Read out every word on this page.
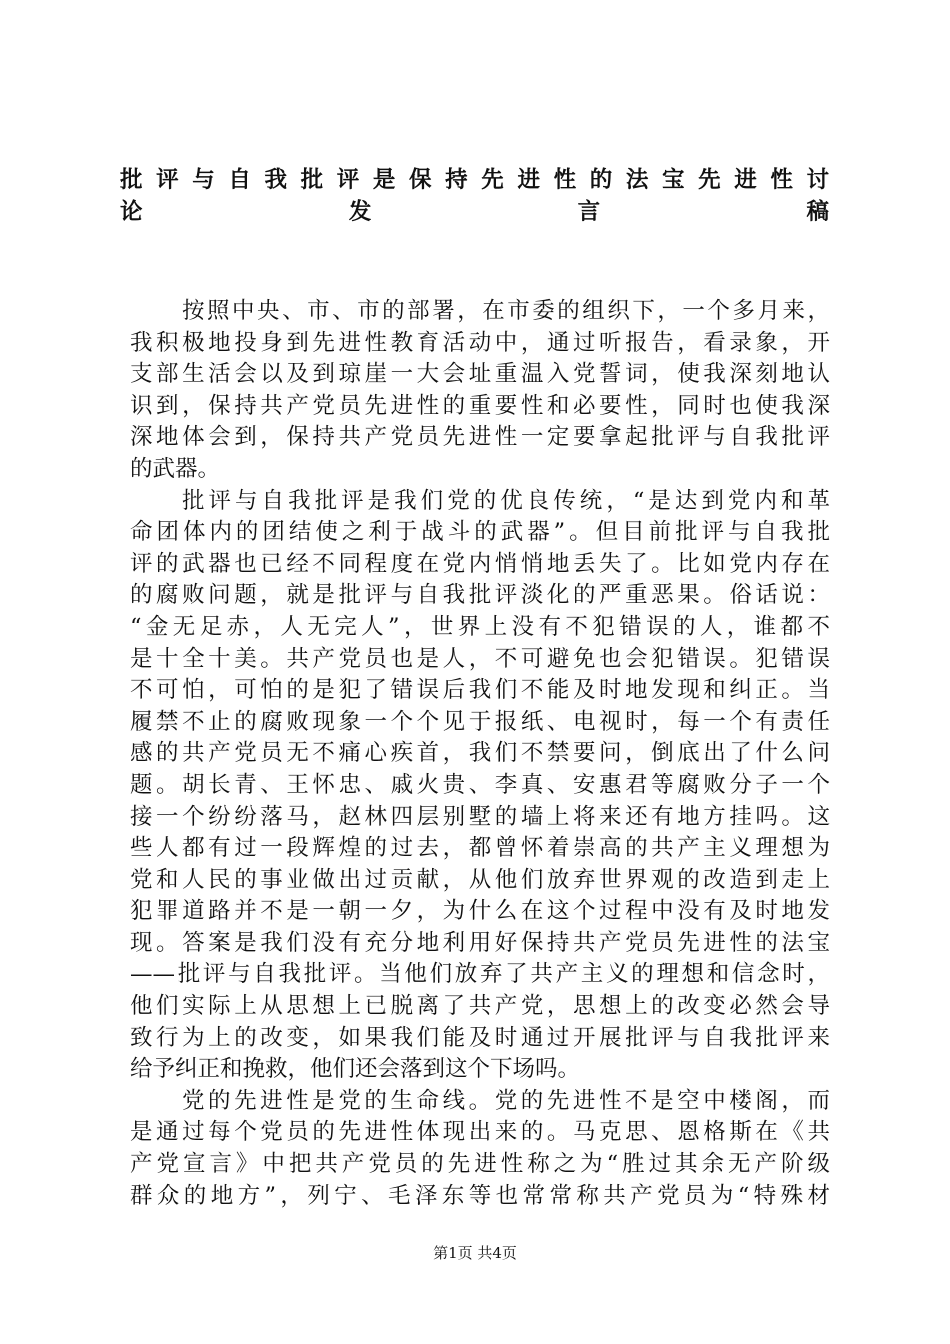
批评与自我批评是保持先进性的法宝先进性讨
论发言稿
按照中央、市、市的部署，在市委的组织下，一个多月来，
我积极地投身到先进性教育活动中，通过听报告，看录象，开
支部生活会以及到琼崖一大会址重温入党誓词，使我深刻地认
识到，保持共产党员先进性的重要性和必要性，同时也使我深
深地体会到，保持共产党员先进性一定要拿起批评与自我批评
的武器。
批评与自我批评是我们党的优良传统，“是达到党内和革
命团体内的团结使之利于战斗的武器”。但目前批评与自我批
评的武器也已经不同程度在党内悄悄地丢失了。比如党内存在
的腐败问题，就是批评与自我批评淡化的严重恶果。俗话说：
“金无足赤，人无完人”，世界上没有不犯错误的人，谁都不
是十全十美。共产党员也是人，不可避免也会犯错误。犯错误
不可怕，可怕的是犯了错误后我们不能及时地发现和纠正。当
履禁不止的腐败现象一个个见于报纸、电视时，每一个有责任
感的共产党员无不痛心疾首，我们不禁要问，倒底出了什么问
题。胡长青、王怀忠、戚火贵、李真、安惠君等腐败分子一个
接一个纷纷落马，赵林四层别墅的墙上将来还有地方挂吗。这
些人都有过一段辉煌的过去，都曾怀着崇高的共产主义理想为
党和人民的事业做出过贡献，从他们放弃世界观的改造到走上
犯罪道路并不是一朝一夕，为什么在这个过程中没有及时地发
现。答案是我们没有充分地利用好保持共产党员先进性的法宝
——批评与自我批评。当他们放弃了共产主义的理想和信念时，
他们实际上从思想上已脱离了共产党，思想上的改变必然会导
致行为上的改变，如果我们能及时通过开展批评与自我批评来
给予纠正和挽救，他们还会落到这个下场吗。
党的先进性是党的生命线。党的先进性不是空中楼阁，而
是通过每个党员的先进性体现出来的。马克思、恩格斯在《共
产党宣言》中把共产党员的先进性称之为“胜过其余无产阶级
群众的地方”，列宁、毛泽东等也常常称共产党员为“特殊材
第1页 共4页
